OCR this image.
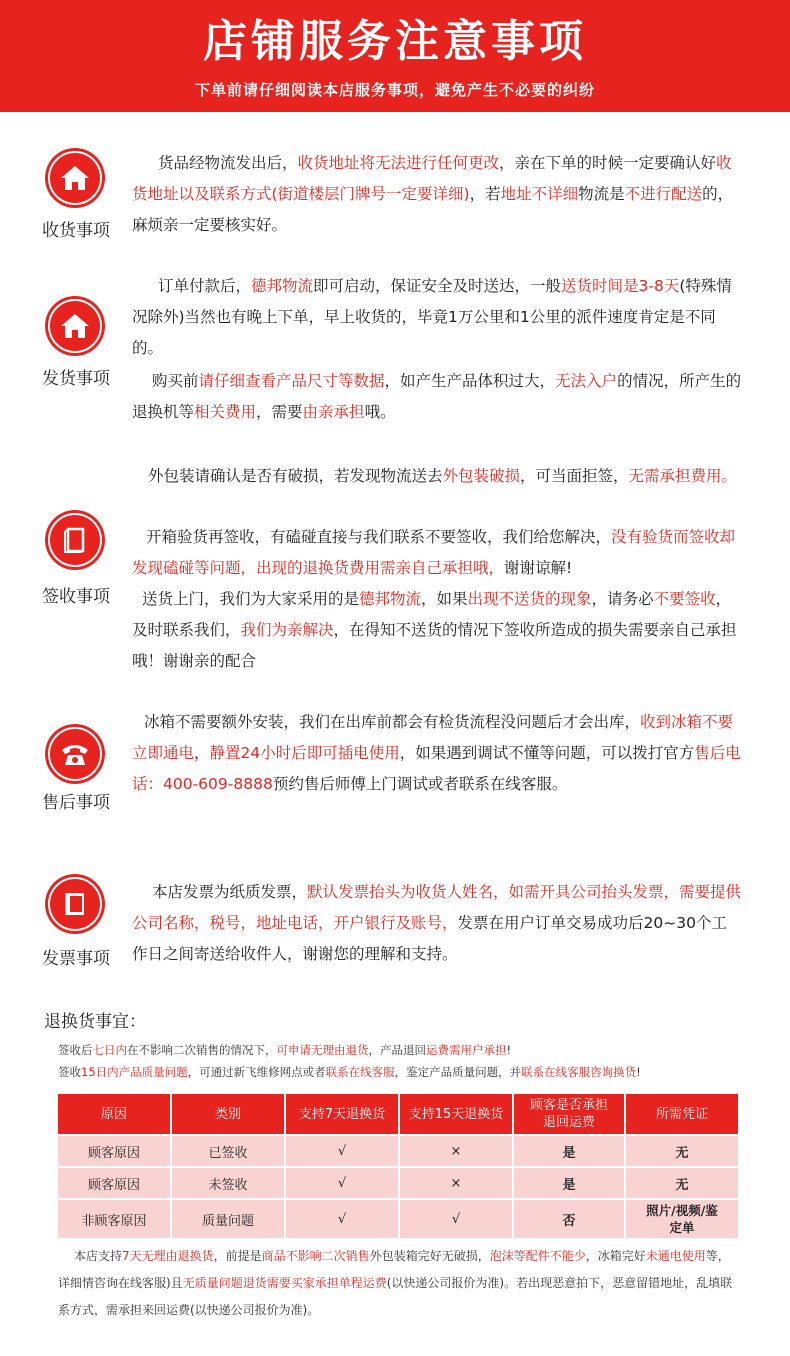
店铺服务注意事项
下单前请仔细阅读本店服务事项，避免产生不必要的纠纷
收货事项
货品经物流发出后，收货地址将无法进行任何更改，亲在下单的时候一定要确认好收货地址以及联系方式(街道楼层门牌号一定要详细)，若地址不详细物流是不进行配送的，麻烦亲一定要核实好。
发货事项
订单付款后，德邦物流即可启动，保证安全及时送达，一般送货时间是3-8天(特殊情况除外)当然也有晚上下单，早上收货的，毕竟1万公里和1公里的派件速度肯定是不同的。
购买前请仔细查看产品尺寸等数据，如产生产品体积过大，无法入户的情况，所产生的退换机等相关费用，需要由亲承担哦。
签收事项
外包装请确认是否有破损，若发现物流送去外包装破损，可当面拒签，无需承担费用。
开箱验货再签收，有磕碰直接与我们联系不要签收，我们给您解决，没有验货而签收却发现磕碰等问题，出现的退换货费用需亲自己承担哦，谢谢谅解!
送货上门，我们为大家采用的是德邦物流，如果出现不送货的现象，请务必不要签收，及时联系我们，我们为亲解决，在得知不送货的情况下签收所造成的损失需要亲自己承担哦！谢谢亲的配合
售后事项
冰箱不需要额外安装，我们在出库前都会有检货流程没问题后才会出库，收到冰箱不要立即通电，静置24小时后即可插电使用，如果遇到调试不懂等问题，可以拨打官方售后电话：400-609-8888预约售后师傅上门调试或者联系在线客服。
发票事项
本店发票为纸质发票，默认发票抬头为收货人姓名，如需开具公司抬头发票，需要提供公司名称，税号，地址电话，开户银行及账号，发票在用户订单交易成功后20~30个工作日之间寄送给收件人，谢谢您的理解和支持。
退换货事宜：
签收后七日内在不影响二次销售的情况下，可申请无理由退货，产品退回运费需用户承担!
签收15日内产品质量问题，可通过新飞维修网点或者联系在线客服，鉴定产品质量问题，并联系在线客服咨询换货!
原因	类别	支持7天退换货	支持15天退换货	顾客是否承担退回运费	所需凭证
顾客原因	已签收	√	×	是	无
顾客原因	未签收	√	×	是	无
非顾客原因	质量问题	√	√	否	照片/视频/鉴定单
本店支持7天无理由退换货，前提是商品不影响二次销售外包装箱完好无破损，泡沫等配件不能少，冰箱完好未通电使用等，详细情咨询在线客服)且无质量问题退货需要买家承担单程运费(以快递公司报价为准)。若出现恶意拍下，恶意留错地址，乱填联系方式，需承担来回运费(以快递公司报价为准)。
